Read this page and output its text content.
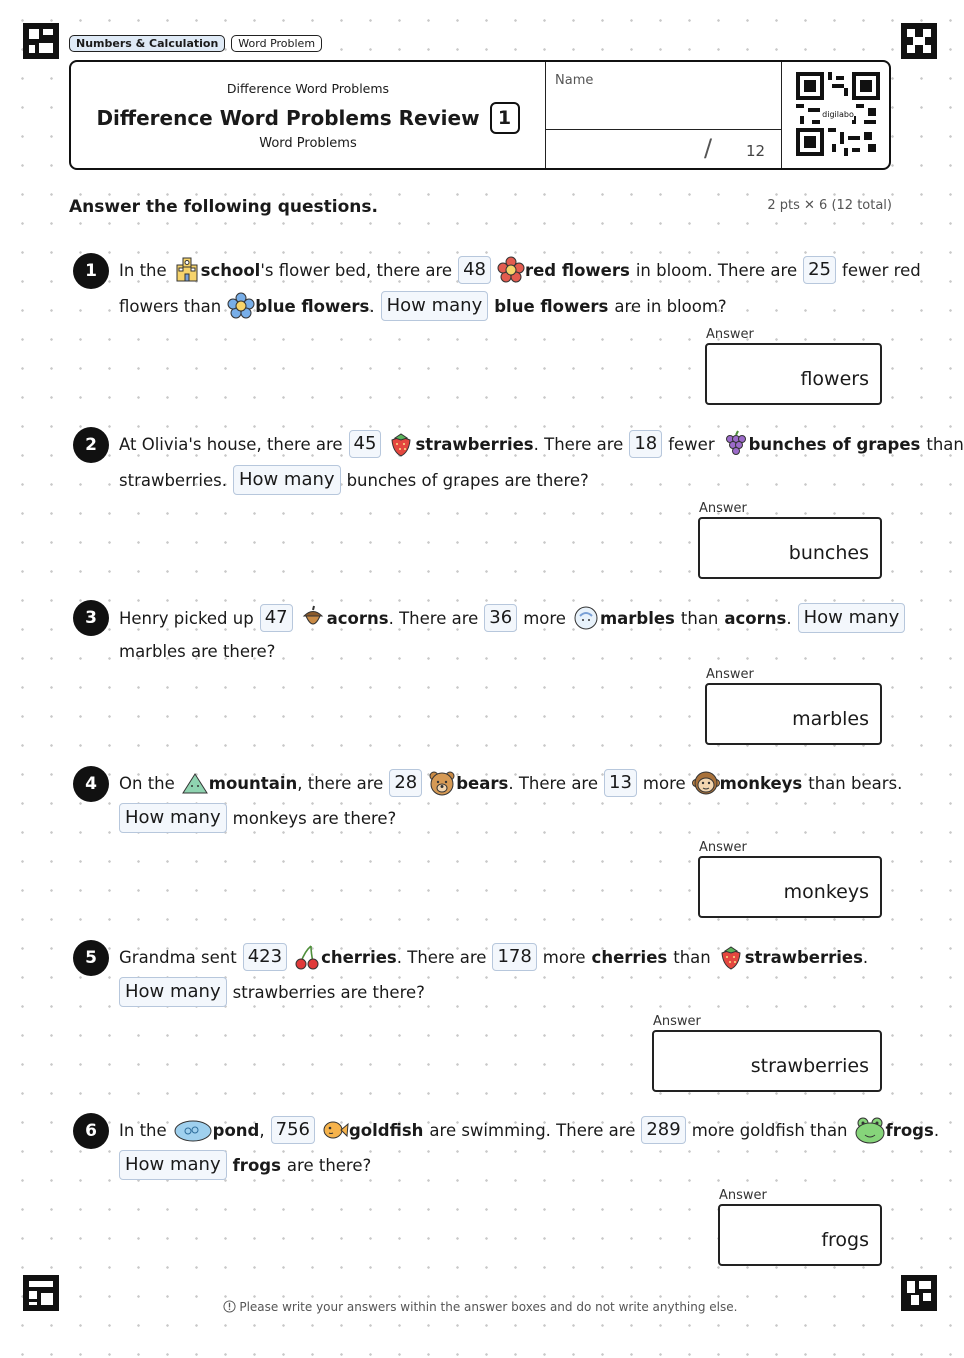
Numbers & Calculation	Word Problem
Difference Word Problems
Difference Word Problems Review 1
Word Problems
Name
/ 12
digilabo
Answer the following questions.	2 pts ✕ 6 (12 total)
1	In the school 's flower bed, there are 48	red flowers in bloom. There are 25 fewer red
flowers than blue flowers . How many blue flowers are in bloom?
Answer
flowers
2	At Olivia's house, there are 45	strawberries . There are 18 fewer bunches of grapes than
strawberries. How many bunches of grapes are there?
Answer
bunches
3	Henry picked up 47	acorns . There are 36 more marbles than acorns . How many
marbles are there?
Answer
marbles
4	On the mountain , there are 28	bears . There are 13 more monkeys than bears.
How many monkeys are there?
Answer
monkeys
5	Grandma sent 423	cherries . There are 178 more cherries than strawberries .
How many strawberries are there?
Answer
strawberries
6	In the	pond , 756	goldfish are swimming. There are 289 more goldfish than frogs .
How many frogs are there?
Answer
frogs
Please write your answers within the answer boxes and do not write anything else.
